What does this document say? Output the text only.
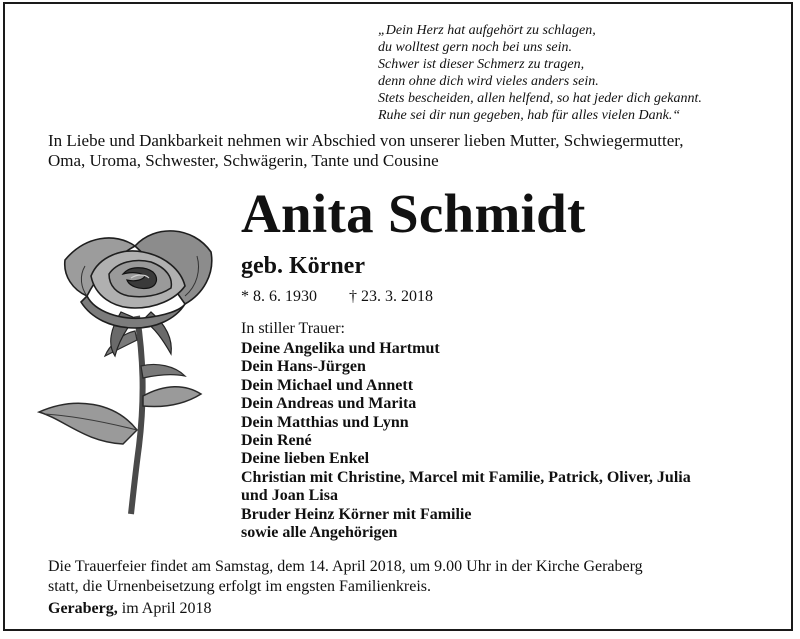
„Dein Herz hat aufgehört zu schlagen,
du wolltest gern noch bei uns sein.
Schwer ist dieser Schmerz zu tragen,
denn ohne dich wird vieles anders sein.
Stets bescheiden, allen helfend, so hat jeder dich gekannt.
Ruhe sei dir nun gegeben, hab für alles vielen Dank.“
In Liebe und Dankbarkeit nehmen wir Abschied von unserer lieben Mutter, Schwiegermutter,
Oma, Uroma, Schwester, Schwägerin, Tante und Cousine
Anita Schmidt
geb. Körner
* 8. 6. 1930 † 23. 3. 2018
In stiller Trauer:
Deine Angelika und Hartmut
Dein Hans-Jürgen
Dein Michael und Annett
Dein Andreas und Marita
Dein Matthias und Lynn
Dein René
Deine lieben Enkel
Christian mit Christine, Marcel mit Familie, Patrick, Oliver, Julia
und Joan Lisa
Bruder Heinz Körner mit Familie
sowie alle Angehörigen
Die Trauerfeier findet am Samstag, dem 14. April 2018, um 9.00 Uhr in der Kirche Geraberg
statt, die Urnenbeisetzung erfolgt im engsten Familienkreis.
Geraberg, im April 2018
